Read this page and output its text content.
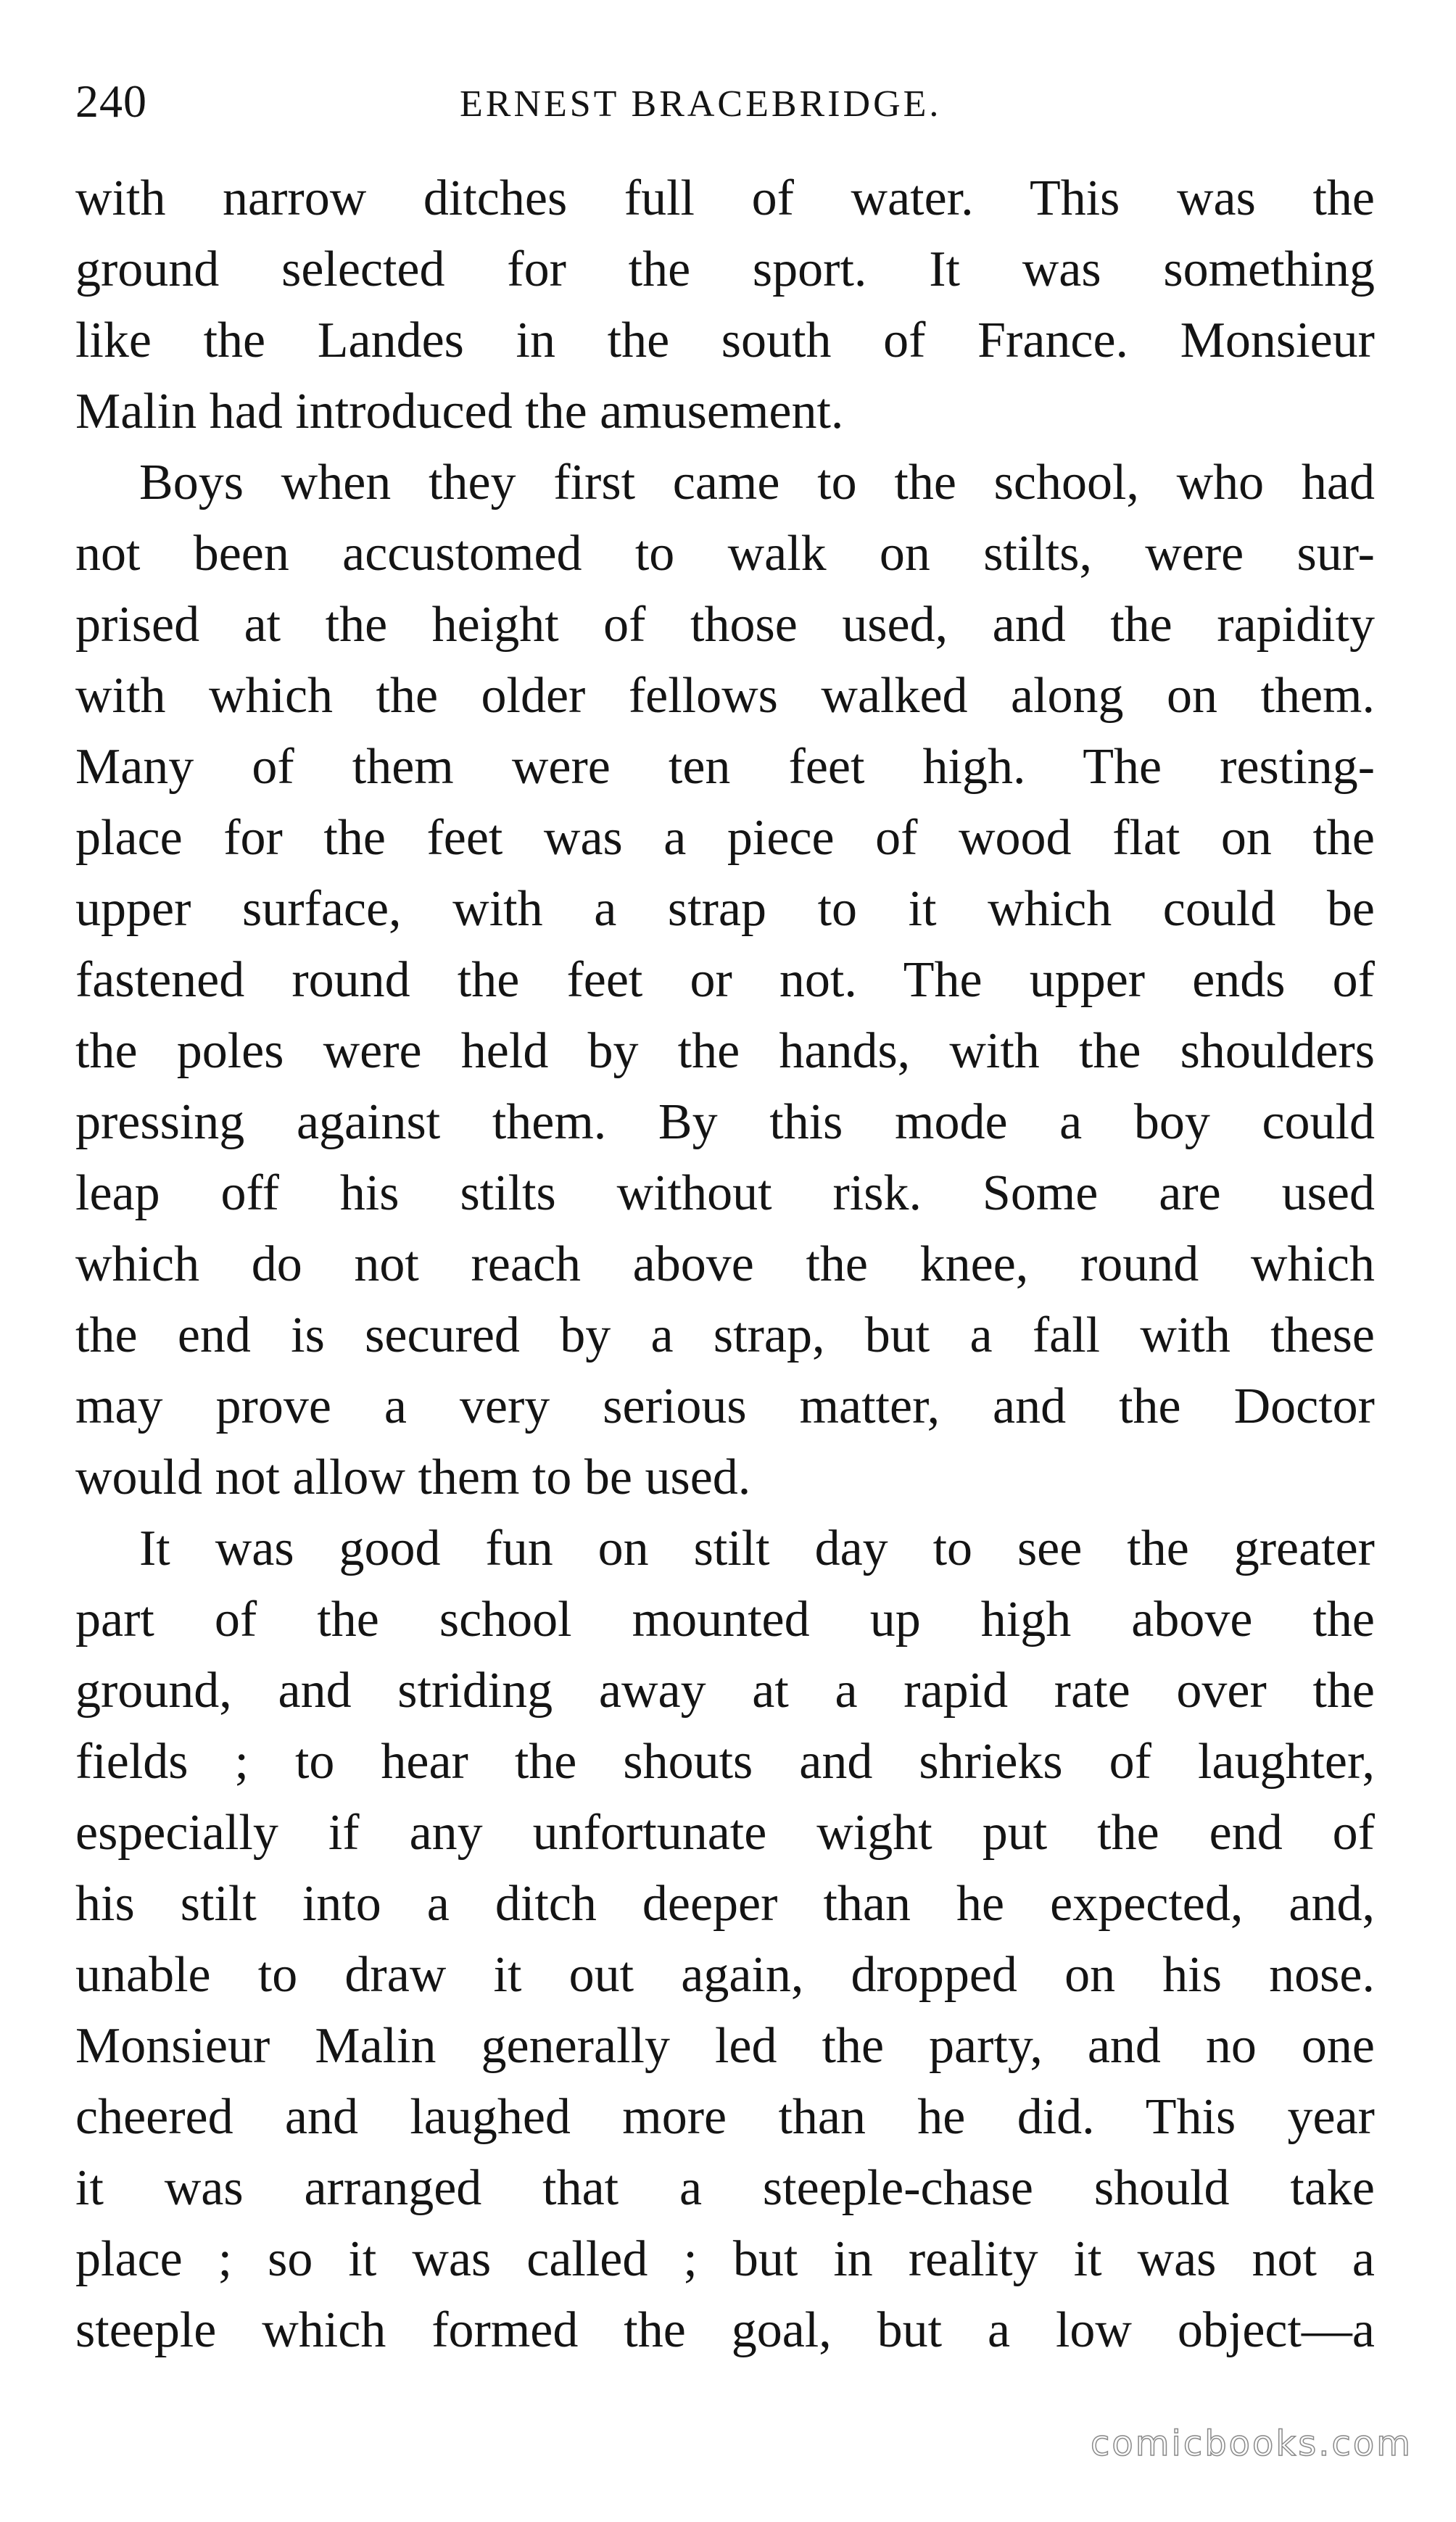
240	ERNEST BRACEBRIDGE.
with narrow ditches full of water. This was the
ground selected for the sport. It was something
like the Landes in the south of France. Monsieur
Malin had introduced the amusement.
Boys when they first came to the school, who had
not been accustomed to walk on stilts, were sur-
prised at the height of those used, and the rapidity
with which the older fellows walked along on them.
Many of them were ten feet high. The resting-
place for the feet was a piece of wood flat on the
upper surface, with a strap to it which could be
fastened round the feet or not. The upper ends of
the poles were held by the hands, with the shoulders
pressing against them. By this mode a boy could
leap off his stilts without risk. Some are used
which do not reach above the knee, round which
the end is secured by a strap, but a fall with these
may prove a very serious matter, and the Doctor
would not allow them to be used.
It was good fun on stilt day to see the greater
part of the school mounted up high above the
ground, and striding away at a rapid rate over the
fields ; to hear the shouts and shrieks of laughter,
especially if any unfortunate wight put the end of
his stilt into a ditch deeper than he expected, and,
unable to draw it out again, dropped on his nose.
Monsieur Malin generally led the party, and no one
cheered and laughed more than he did. This year
it was arranged that a steeple-chase should take
place ; so it was called ; but in reality it was not a
steeple which formed the goal, but a low object—a
comicbooks.com
